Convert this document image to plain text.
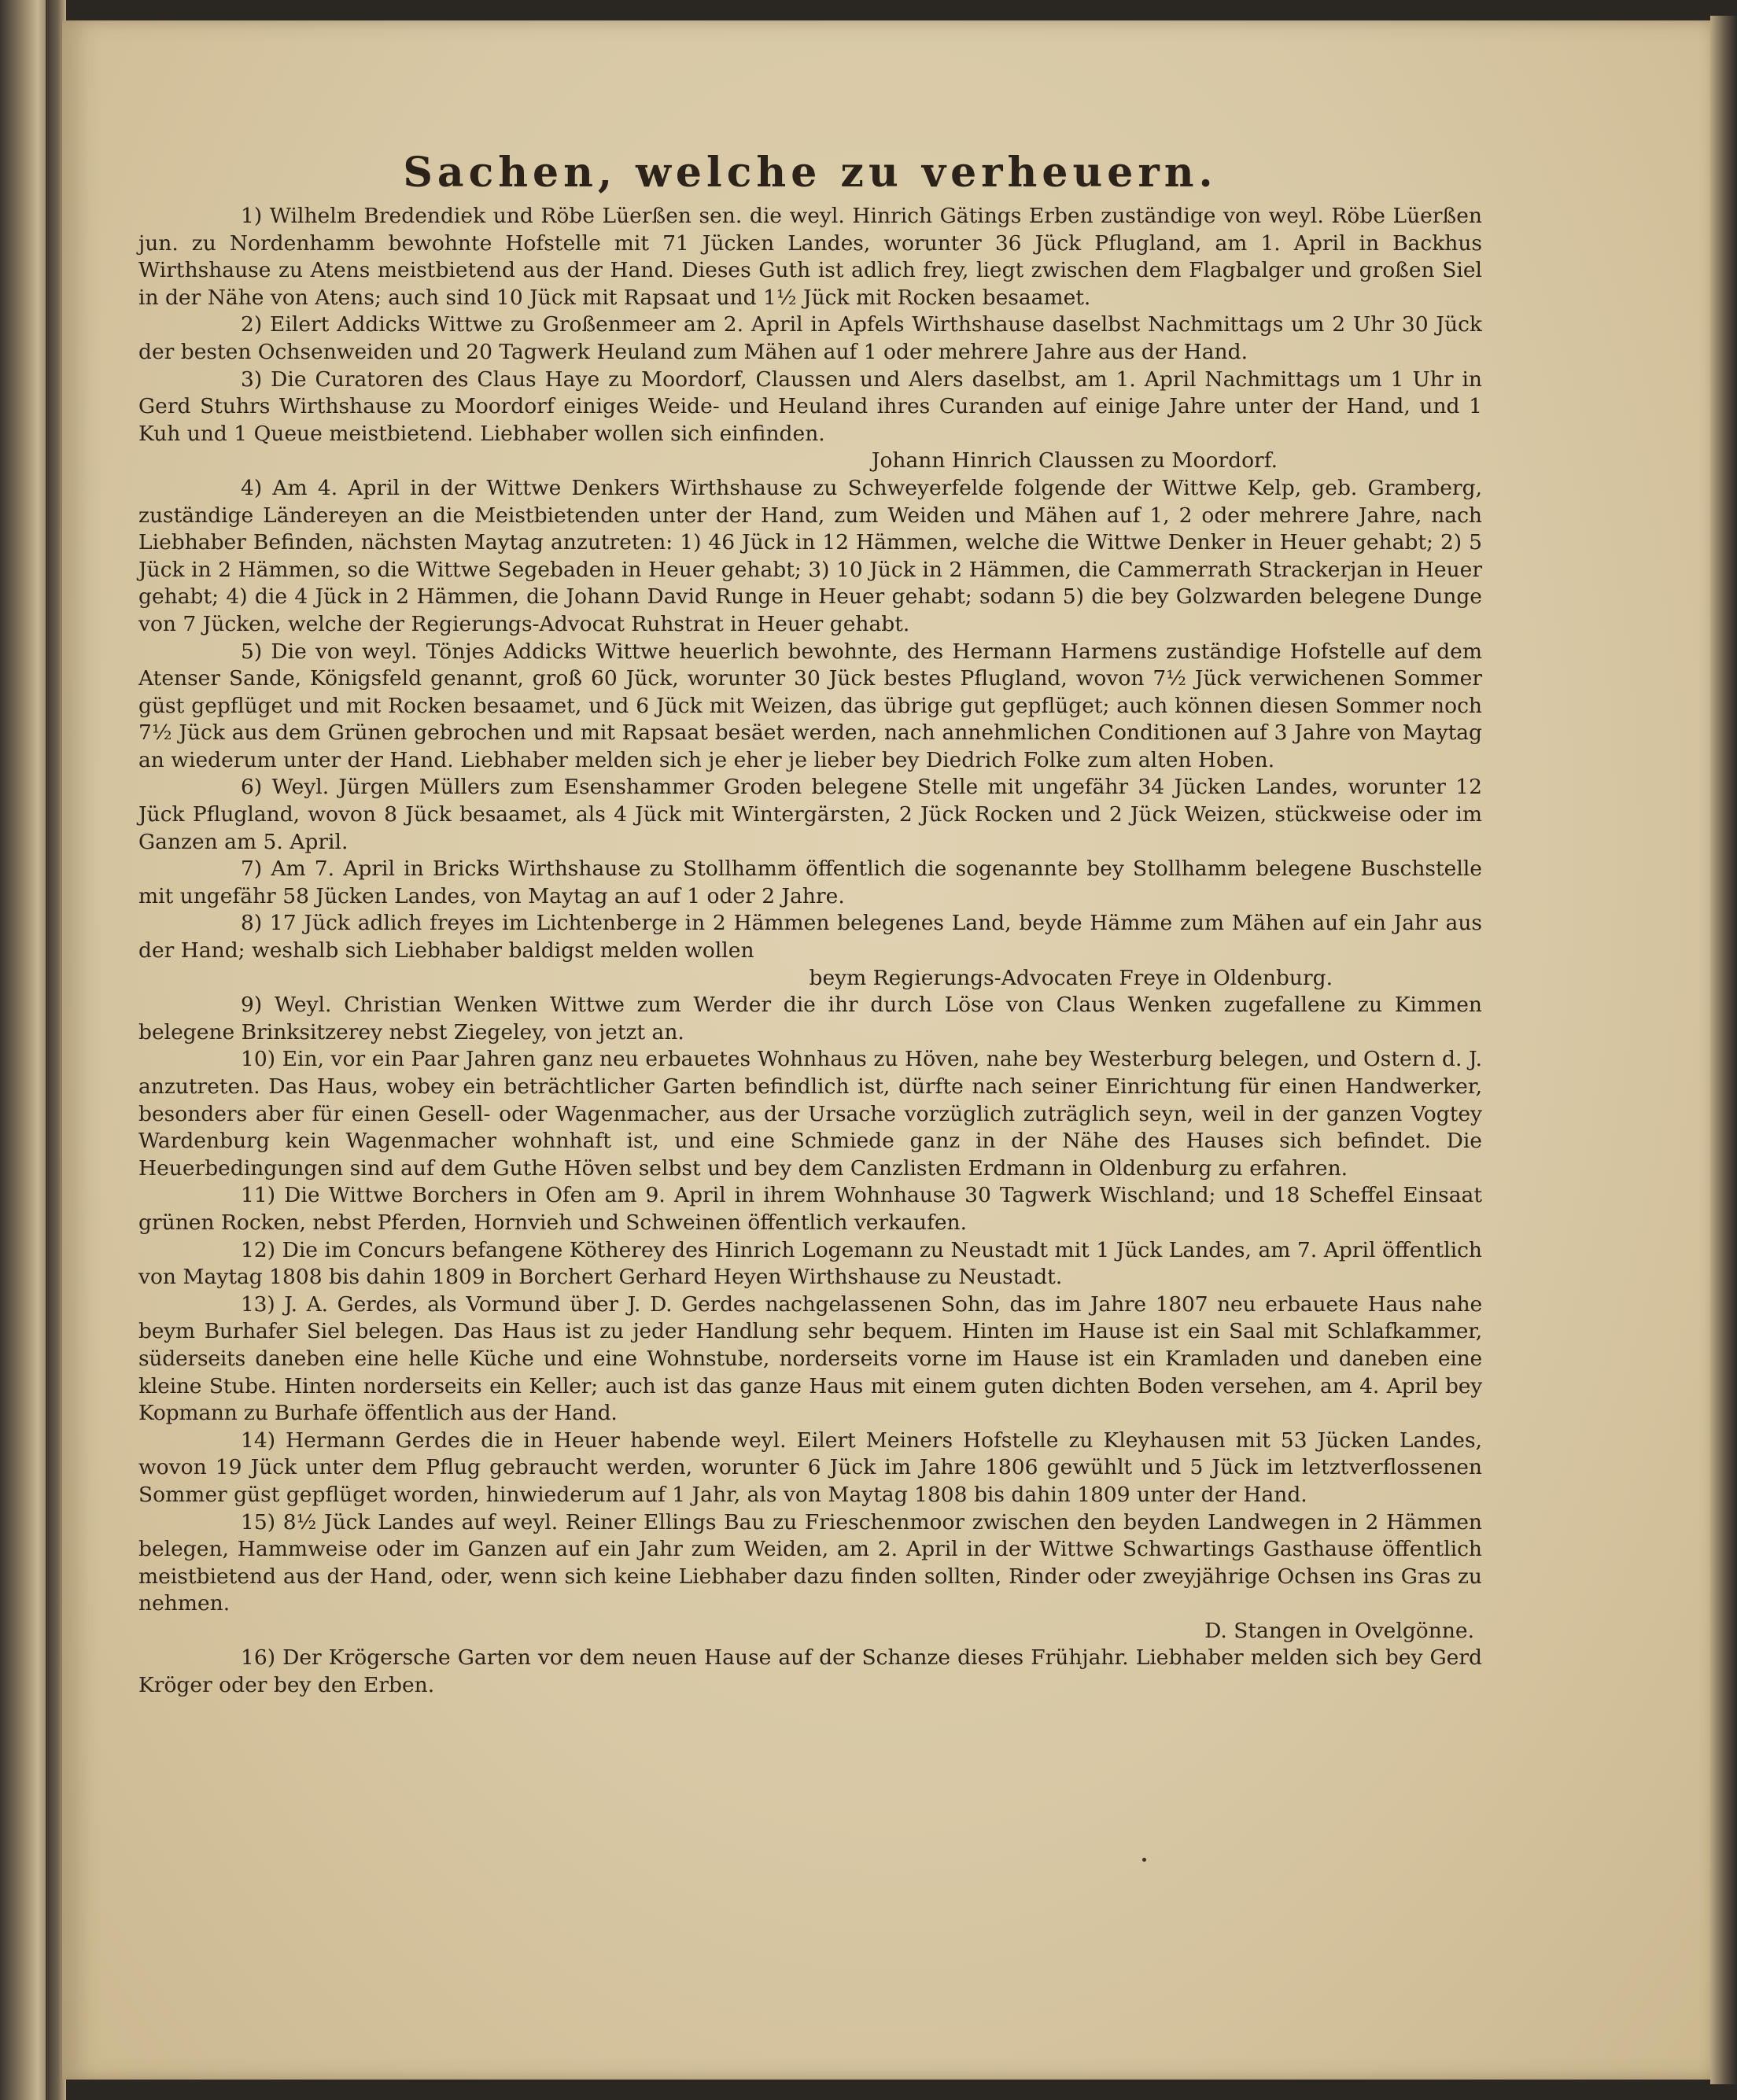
Sachen, welche zu verheuern.

1) Wilhelm Bredendiek und Röbe Lüerßen sen. die weyl. Hinrich Gätings Erben zuständige von weyl. Röbe Lüerßen jun. zu Nordenhamm bewohnte Hofstelle mit 71 Jücken Landes, worunter 36 Jück Pflugland, am 1. April in Backhus Wirthshause zu Atens meistbietend aus der Hand. Dieses Guth ist adlich frey, liegt zwischen dem Flagbalger und großen Siel in der Nähe von Atens; auch sind 10 Jück mit Rapsaat und 1½ Jück mit Rocken besaamet.

2) Eilert Addicks Wittwe zu Großenmeer am 2. April in Apfels Wirthshause daselbst Nachmittags um 2 Uhr 30 Jück der besten Ochsenweiden und 20 Tagwerk Heuland zum Mähen auf 1 oder mehrere Jahre aus der Hand.

3) Die Curatoren des Claus Haye zu Moordorf, Claussen und Alers daselbst, am 1. April Nachmittags um 1 Uhr in Gerd Stuhrs Wirthshause zu Moordorf einiges Weide- und Heuland ihres Curanden auf einige Jahre unter der Hand, und 1 Kuh und 1 Queue meistbietend. Liebhaber wollen sich einfinden.

Johann Hinrich Claussen zu Moordorf.

4) Am 4. April in der Wittwe Denkers Wirthshause zu Schweyerfelde folgende der Wittwe Kelp, geb. Gramberg, zuständige Ländereyen an die Meistbietenden unter der Hand, zum Weiden und Mähen auf 1, 2 oder mehrere Jahre, nach Liebhaber Befinden, nächsten Maytag anzutreten: 1) 46 Jück in 12 Hämmen, welche die Wittwe Denker in Heuer gehabt; 2) 5 Jück in 2 Hämmen, so die Wittwe Segebaden in Heuer gehabt; 3) 10 Jück in 2 Hämmen, die Cammerrath Strackerjan in Heuer gehabt; 4) die 4 Jück in 2 Hämmen, die Johann David Runge in Heuer gehabt; sodann 5) die bey Golzwarden belegene Dunge von 7 Jücken, welche der Regierungs-Advocat Ruhstrat in Heuer gehabt.

5) Die von weyl. Tönjes Addicks Wittwe heuerlich bewohnte, des Hermann Harmens zuständige Hofstelle auf dem Atenser Sande, Königsfeld genannt, groß 60 Jück, worunter 30 Jück bestes Pflugland, wovon 7½ Jück verwichenen Sommer güst gepflüget und mit Rocken besaamet, und 6 Jück mit Weizen, das übrige gut gepflüget; auch können diesen Sommer noch 7½ Jück aus dem Grünen gebrochen und mit Rapsaat besäet werden, nach annehmlichen Conditionen auf 3 Jahre von Maytag an wiederum unter der Hand. Liebhaber melden sich je eher je lieber bey Diedrich Folke zum alten Hoben.

6) Weyl. Jürgen Müllers zum Esenshammer Groden belegene Stelle mit ungefähr 34 Jücken Landes, worunter 12 Jück Pflugland, wovon 8 Jück besaamet, als 4 Jück mit Wintergärsten, 2 Jück Rocken und 2 Jück Weizen, stückweise oder im Ganzen am 5. April.

7) Am 7. April in Bricks Wirthshause zu Stollhamm öffentlich die sogenannte bey Stollhamm belegene Buschstelle mit ungefähr 58 Jücken Landes, von Maytag an auf 1 oder 2 Jahre.

8) 17 Jück adlich freyes im Lichtenberge in 2 Hämmen belegenes Land, beyde Hämme zum Mähen auf ein Jahr aus der Hand; weshalb sich Liebhaber baldigst melden wollen

beym Regierungs-Advocaten Freye in Oldenburg.

9) Weyl. Christian Wenken Wittwe zum Werder die ihr durch Löse von Claus Wenken zugefallene zu Kimmen belegene Brinksitzerey nebst Ziegeley, von jetzt an.

10) Ein, vor ein Paar Jahren ganz neu erbauetes Wohnhaus zu Höven, nahe bey Westerburg belegen, und Ostern d. J. anzutreten. Das Haus, wobey ein beträchtlicher Garten befindlich ist, dürfte nach seiner Einrichtung für einen Handwerker, besonders aber für einen Gesell- oder Wagenmacher, aus der Ursache vorzüglich zuträglich seyn, weil in der ganzen Vogtey Wardenburg kein Wagenmacher wohnhaft ist, und eine Schmiede ganz in der Nähe des Hauses sich befindet. Die Heuerbedingungen sind auf dem Guthe Höven selbst und bey dem Canzlisten Erdmann in Oldenburg zu erfahren.

11) Die Wittwe Borchers in Ofen am 9. April in ihrem Wohnhause 30 Tagwerk Wischland; und 18 Scheffel Einsaat grünen Rocken, nebst Pferden, Hornvieh und Schweinen öffentlich verkaufen.

12) Die im Concurs befangene Kötherey des Hinrich Logemann zu Neustadt mit 1 Jück Landes, am 7. April öffentlich von Maytag 1808 bis dahin 1809 in Borchert Gerhard Heyen Wirthshause zu Neustadt.

13) J. A. Gerdes, als Vormund über J. D. Gerdes nachgelassenen Sohn, das im Jahre 1807 neu erbauete Haus nahe beym Burhafer Siel belegen. Das Haus ist zu jeder Handlung sehr bequem. Hinten im Hause ist ein Saal mit Schlafkammer, süderseits daneben eine helle Küche und eine Wohnstube, norderseits vorne im Hause ist ein Kramladen und daneben eine kleine Stube. Hinten norderseits ein Keller; auch ist das ganze Haus mit einem guten dichten Boden versehen, am 4. April bey Kopmann zu Burhafe öffentlich aus der Hand.

14) Hermann Gerdes die in Heuer habende weyl. Eilert Meiners Hofstelle zu Kleyhausen mit 53 Jücken Landes, wovon 19 Jück unter dem Pflug gebraucht werden, worunter 6 Jück im Jahre 1806 gewühlt und 5 Jück im letztverflossenen Sommer güst gepflüget worden, hinwiederum auf 1 Jahr, als von Maytag 1808 bis dahin 1809 unter der Hand.

15) 8½ Jück Landes auf weyl. Reiner Ellings Bau zu Frieschenmoor zwischen den beyden Landwegen in 2 Hämmen belegen, Hammweise oder im Ganzen auf ein Jahr zum Weiden, am 2. April in der Wittwe Schwartings Gasthause öffentlich meistbietend aus der Hand, oder, wenn sich keine Liebhaber dazu finden sollten, Rinder oder zweyjährige Ochsen ins Gras zu nehmen.

D. Stangen in Ovelgönne.

16) Der Krögersche Garten vor dem neuen Hause auf der Schanze dieses Frühjahr. Liebhaber melden sich bey Gerd Kröger oder bey den Erben.
